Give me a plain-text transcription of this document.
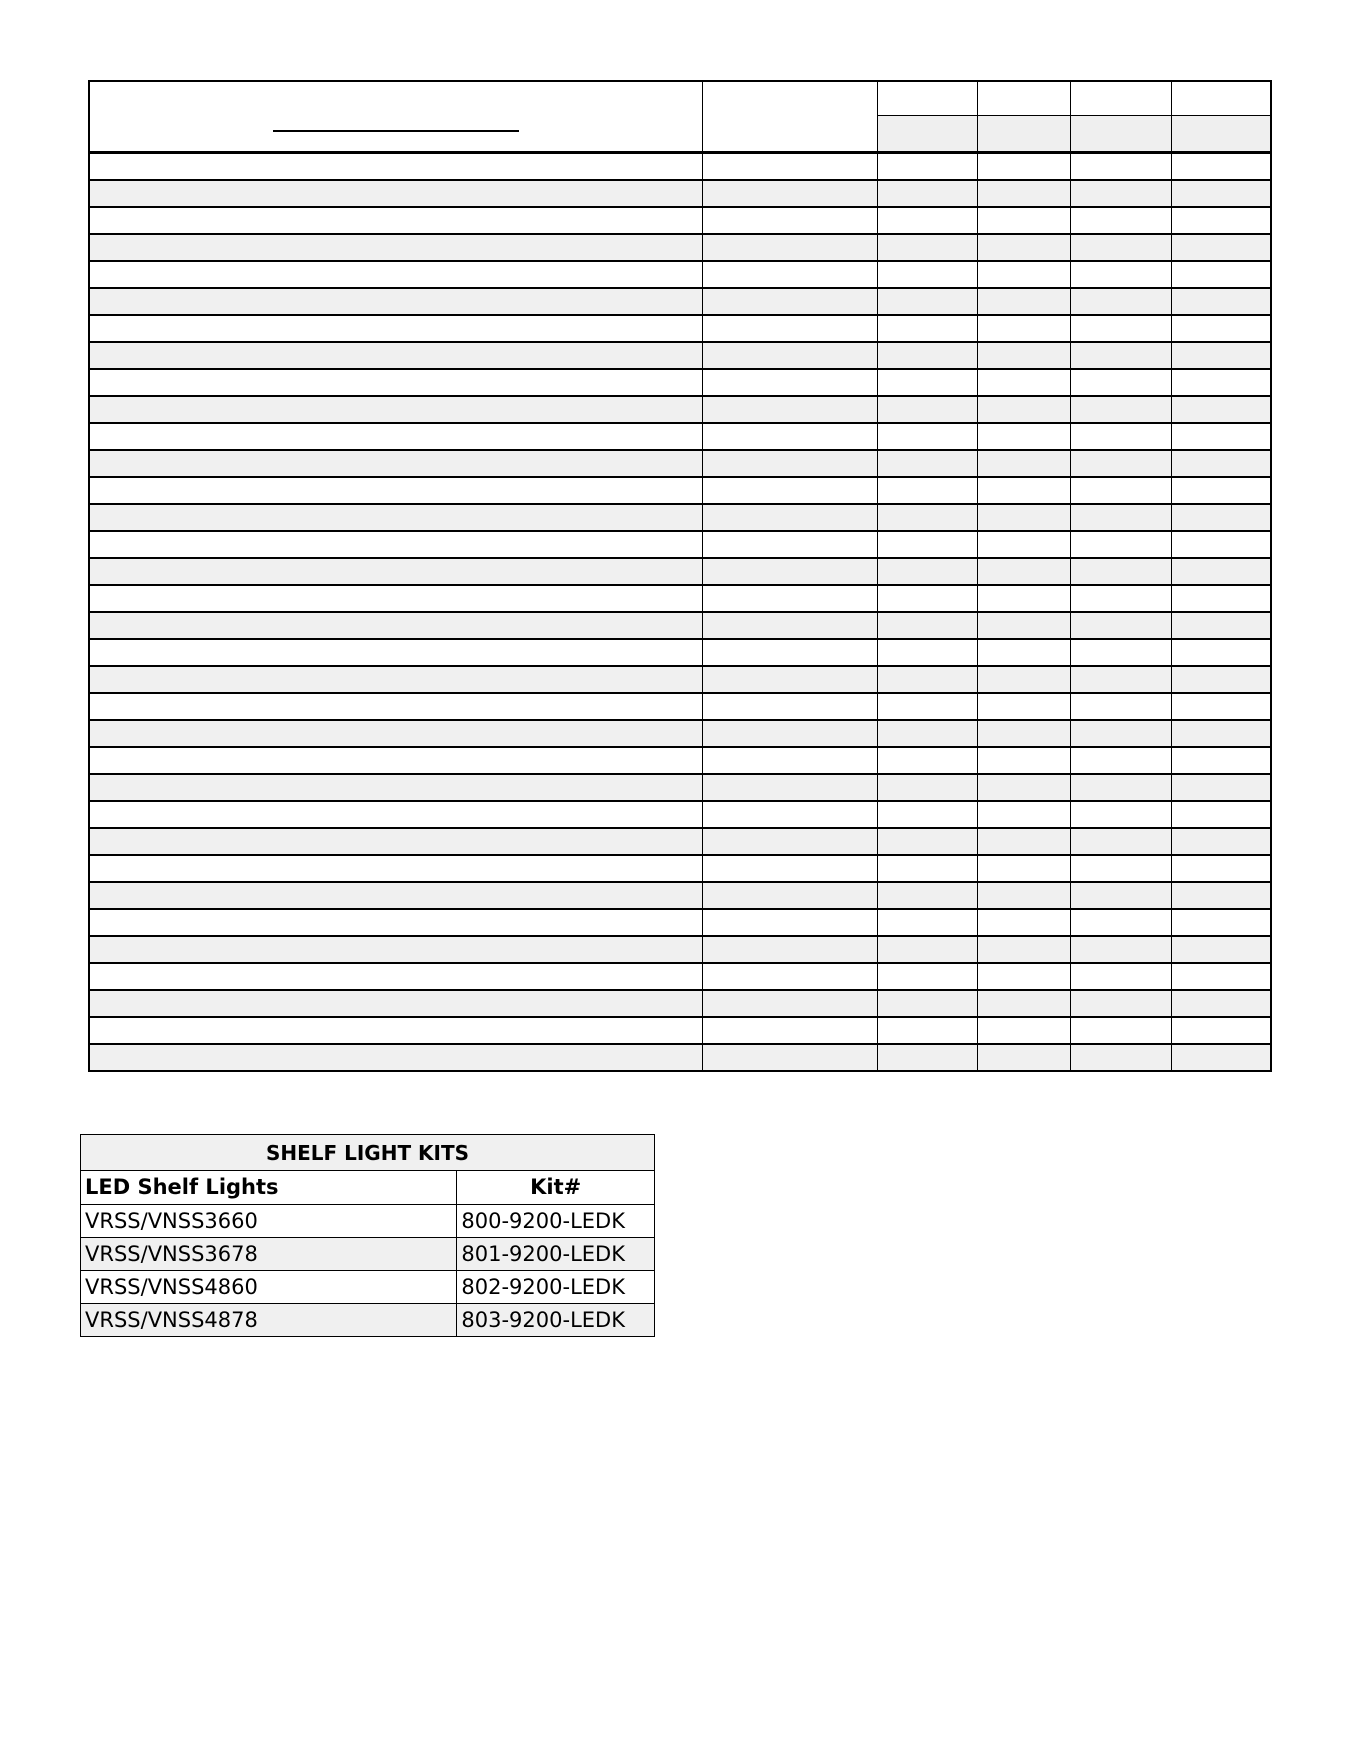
SHELF LIGHT KITS	
LED Shelf Lights	Kit#
VRSS/VNSS3660	800-9200-LEDK
VRSS/VNSS3678	801-9200-LEDK
VRSS/VNSS4860	802-9200-LEDK
VRSS/VNSS4878	803-9200-LEDK
